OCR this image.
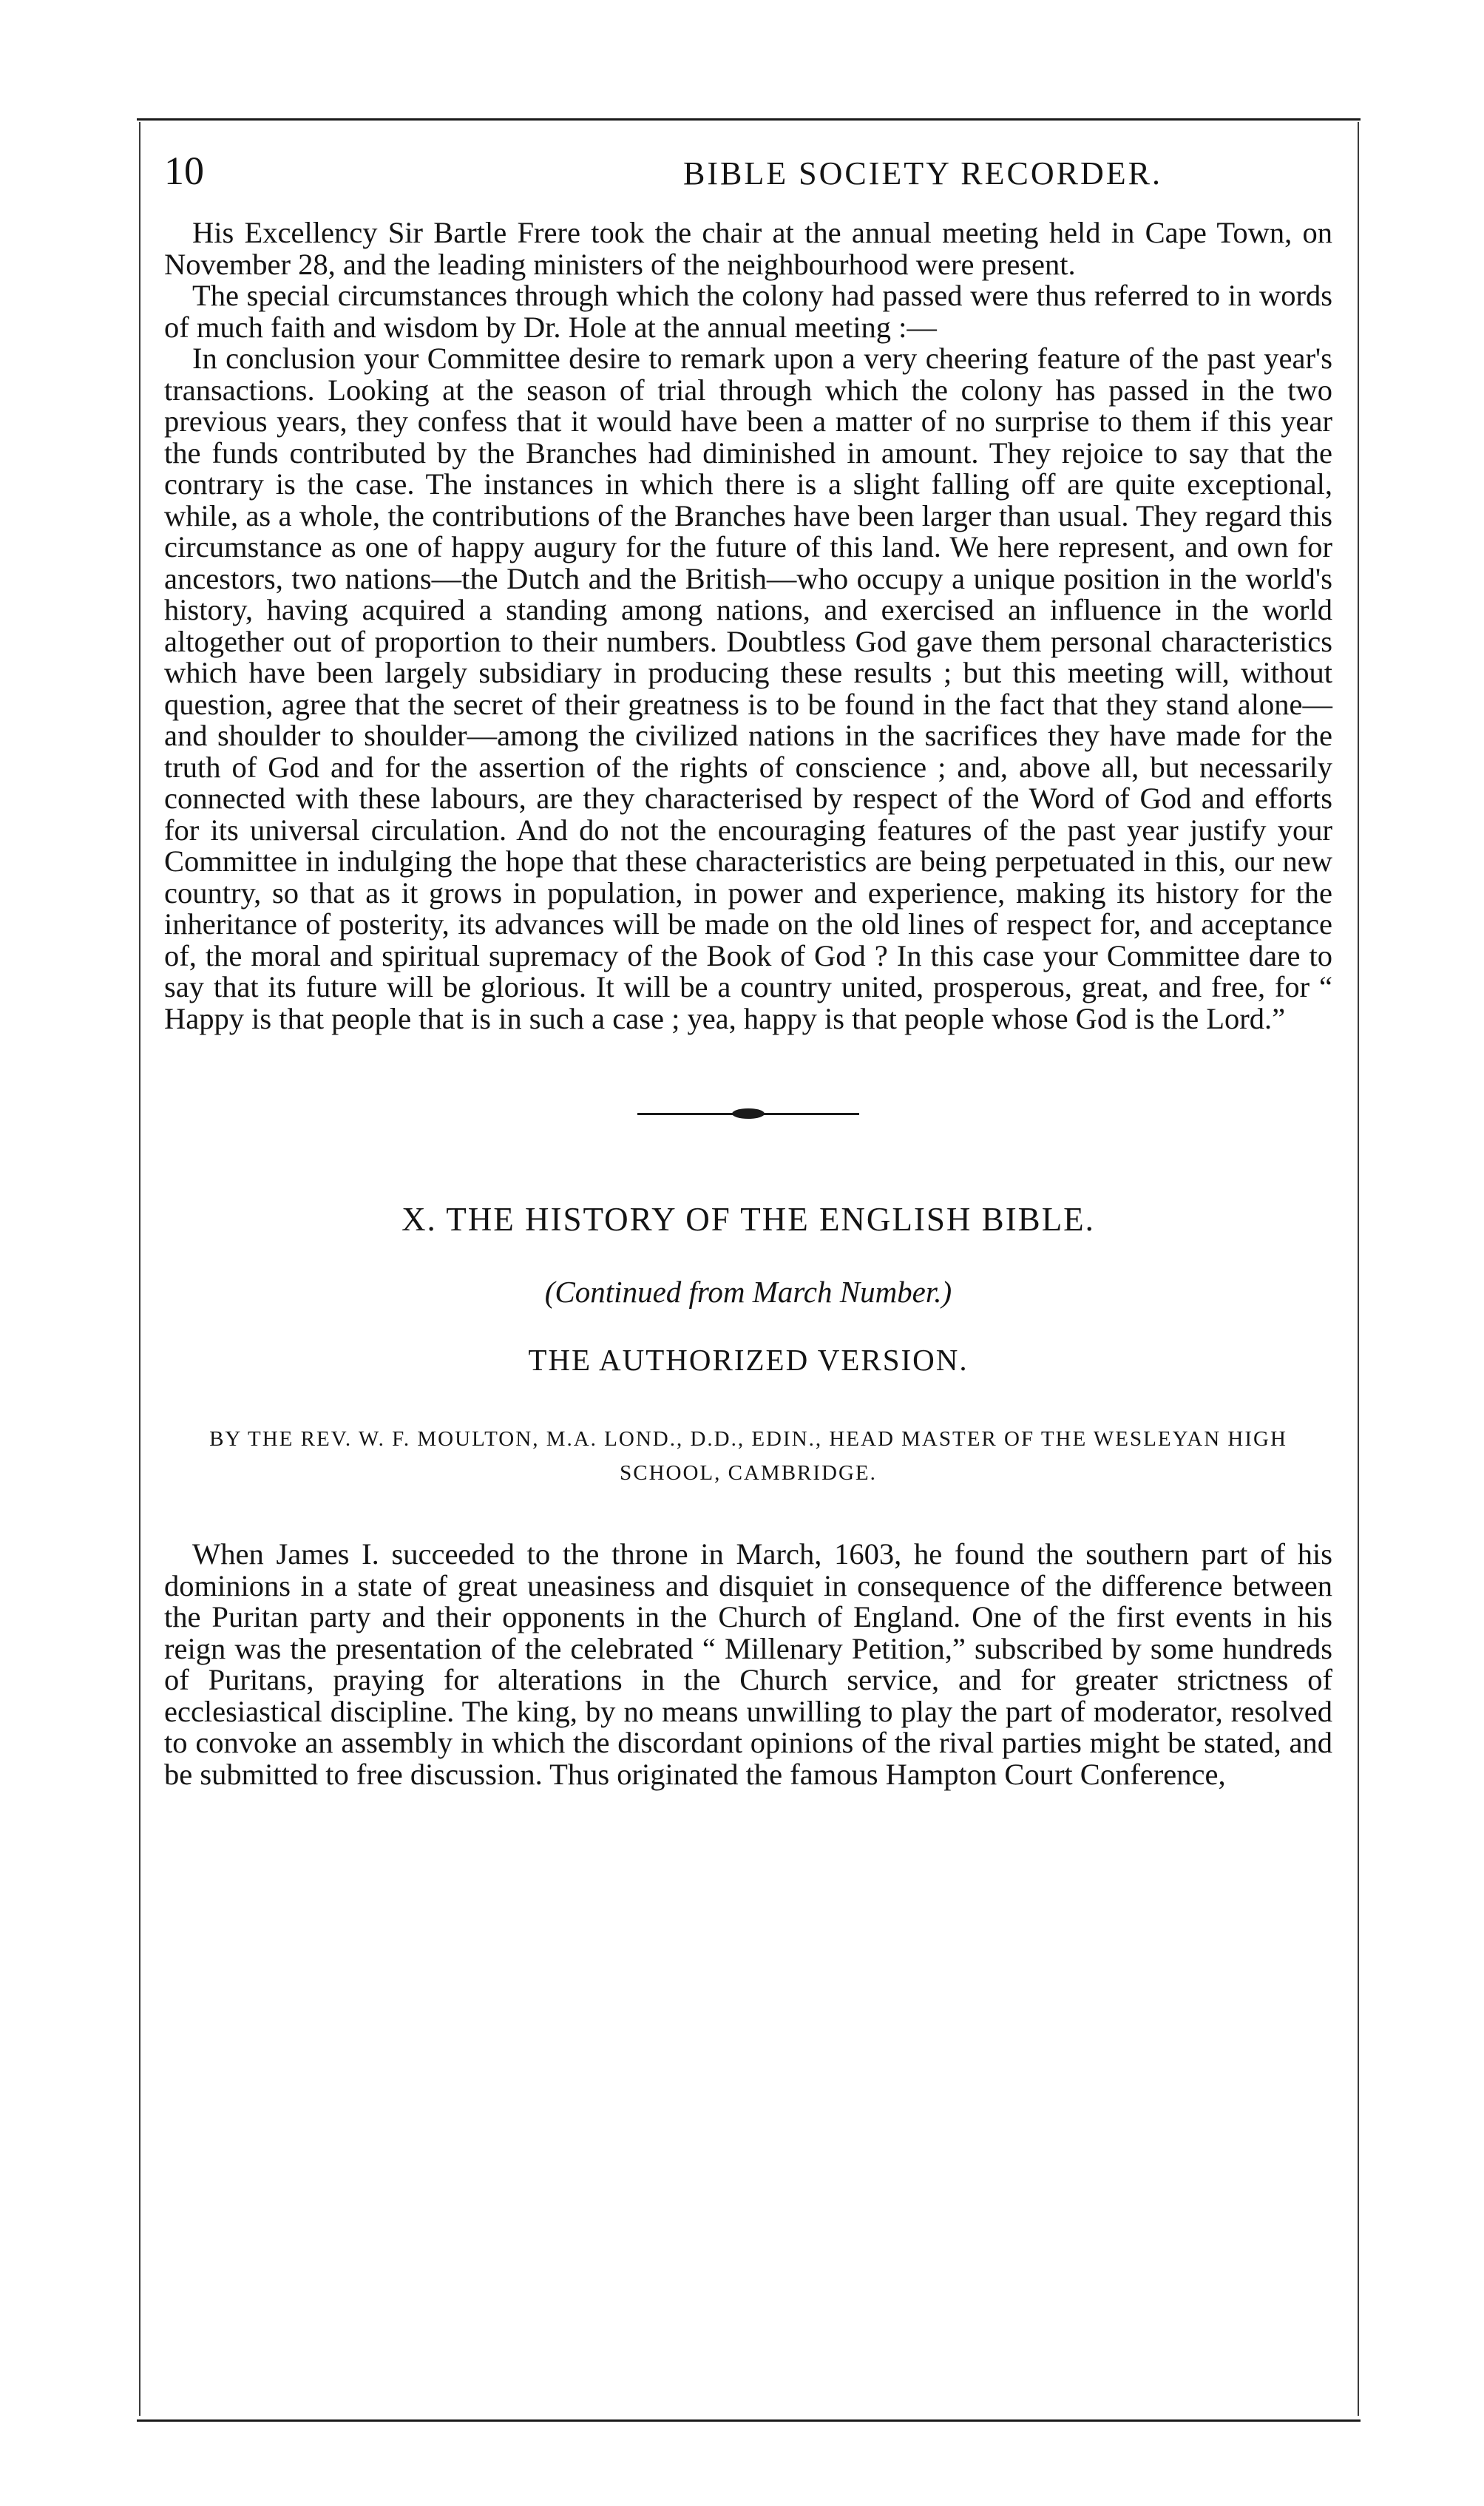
10	BIBLE SOCIETY RECORDER.

His Excellency Sir Bartle Frere took the chair at the annual meeting held in Cape Town, on November 28, and the leading ministers of the neighbourhood were present.

The special circumstances through which the colony had passed were thus referred to in words of much faith and wisdom by Dr. Hole at the annual meeting :—

In conclusion your Committee desire to remark upon a very cheering feature of the past year's transactions. Looking at the season of trial through which the colony has passed in the two previous years, they confess that it would have been a matter of no surprise to them if this year the funds contributed by the Branches had diminished in amount. They rejoice to say that the contrary is the case. The instances in which there is a slight falling off are quite exceptional, while, as a whole, the contributions of the Branches have been larger than usual. They regard this circumstance as one of happy augury for the future of this land. We here represent, and own for ancestors, two nations—the Dutch and the British—who occupy a unique position in the world's history, having acquired a standing among nations, and exercised an influence in the world altogether out of proportion to their numbers. Doubtless God gave them personal characteristics which have been largely subsidiary in producing these results ; but this meeting will, without question, agree that the secret of their greatness is to be found in the fact that they stand alone—and shoulder to shoulder—among the civilized nations in the sacrifices they have made for the truth of God and for the assertion of the rights of conscience ; and, above all, but necessarily connected with these labours, are they characterised by respect of the Word of God and efforts for its universal circulation. And do not the encouraging features of the past year justify your Committee in indulging the hope that these characteristics are being perpetuated in this, our new country, so that as it grows in population, in power and experience, making its history for the inheritance of posterity, its advances will be made on the old lines of respect for, and acceptance of, the moral and spiritual supremacy of the Book of God ? In this case your Committee dare to say that its future will be glorious. It will be a country united, prosperous, great, and free, for “ Happy is that people that is in such a case ; yea, happy is that people whose God is the Lord.”

X. THE HISTORY OF THE ENGLISH BIBLE.
(Continued from March Number.)
THE AUTHORIZED VERSION.
BY THE REV. W. F. MOULTON, M.A. LOND., D.D., EDIN., HEAD MASTER OF THE WESLEYAN HIGH SCHOOL, CAMBRIDGE.

When James I. succeeded to the throne in March, 1603, he found the southern part of his dominions in a state of great uneasiness and disquiet in consequence of the difference between the Puritan party and their opponents in the Church of England. One of the first events in his reign was the presentation of the celebrated “ Millenary Petition,” subscribed by some hundreds of Puritans, praying for alterations in the Church service, and for greater strictness of ecclesiastical discipline. The king, by no means unwilling to play the part of moderator, resolved to convoke an assembly in which the discordant opinions of the rival parties might be stated, and be submitted to free discussion. Thus originated the famous Hampton Court Conference,
